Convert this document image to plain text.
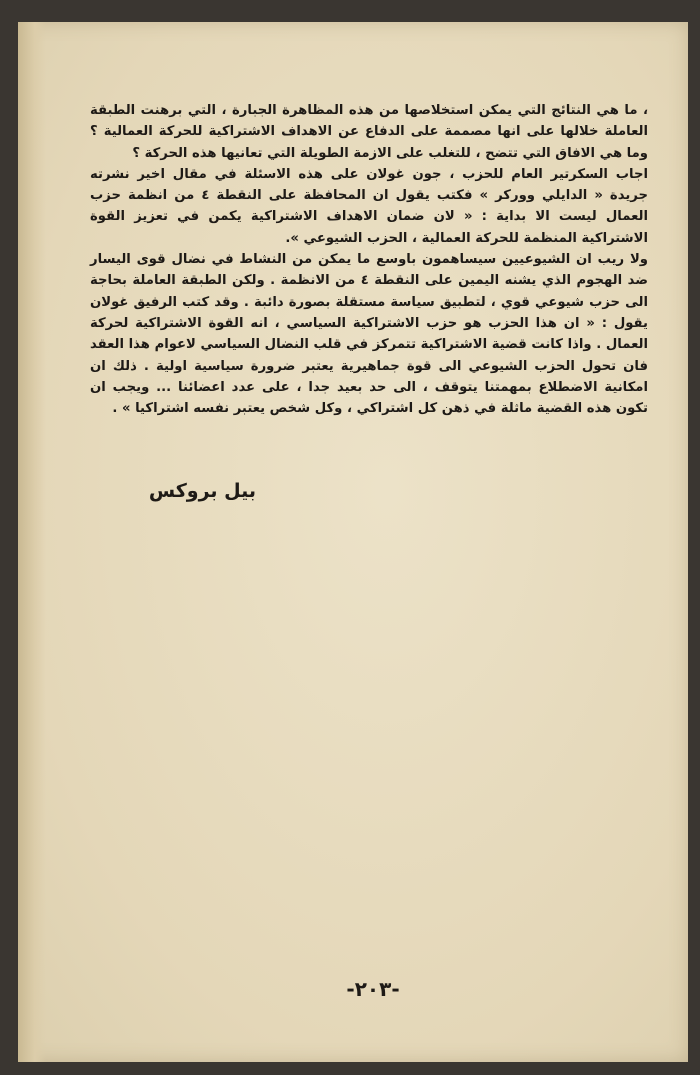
، ما هي النتائج التي يمكن استخلاصها من هذه المظاهرة الجبارة ، التي برهنت الطبقة العاملة خلالها على انها مصممة على الدفاع عن الاهداف الاشتراكية للحركة العمالية ؟ وما هي الافاق التي تتضح ، للتغلب على الازمة الطويلة التي تعانيها هذه الحركة ؟

اجاب السكرتير العام للحزب ، جون غولان على هذه الاسئلة في مقال اخير نشرته جريدة « الدايلي ووركر » فكتب يقول ان المحافظة على النقطة ٤ من انظمة حزب العمال ليست الا بداية : « لان ضمان الاهداف الاشتراكية يكمن في تعزيز القوة الاشتراكية المنظمة للحركة العمالية ، الحزب الشيوعي ».

ولا ريب ان الشيوعيين سيساهمون باوسع ما يمكن من النشاط في نضال قوى اليسار ضد الهجوم الذي يشنه اليمين على النقطة ٤ من الانظمة . ولكن الطبقة العاملة بحاجة الى حزب شيوعي قوي ، لتطبيق سياسة مستقلة بصورة دائبة . وقد كتب الرفيق غولان يقول : « ان هذا الحزب هو حزب الاشتراكية السياسي ، انه القوة الاشتراكية لحركة العمال . واذا كانت قضية الاشتراكية تتمركز في قلب النضال السياسي لاعوام هذا العقد فان تحول الحزب الشيوعي الى قوة جماهيرية يعتبر ضرورة سياسية اولية . ذلك ان امكانية الاضطلاع بمهمتنا يتوقف ، الى حد بعيد جدا ، على عدد اعضائنا ... ويجب ان تكون هذه القضية ماثلة في ذهن كل اشتراكي ، وكل شخص يعتبر نفسه اشتراكيا » .

بيل بروكس
-٢٠٣-
